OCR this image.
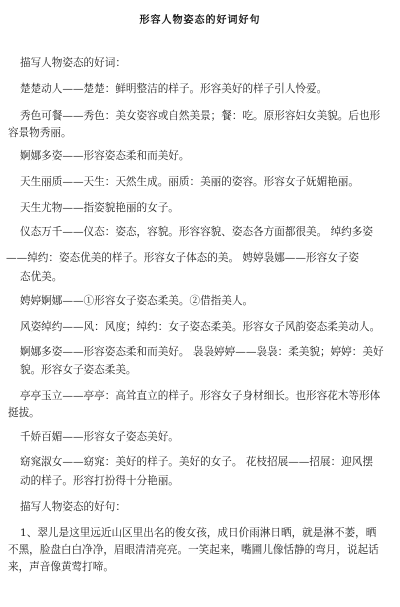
形容人物姿态的好词好句
描写人物姿态的好词：
楚楚动人——楚楚：鲜明整洁的样子。形容美好的样子引人怜爱。
秀色可餐——秀色：美女姿容或自然美景；餐：吃。原形容妇女美貌。后也形
容景物秀丽。
婀娜多姿——形容姿态柔和而美好。
天生丽质——天生：天然生成。丽质：美丽的姿容。形容女子妩媚艳丽。
天生尤物——指姿貌艳丽的女子。
仪态万千——仪态：姿态，容貌。形容容貌、姿态各方面都很美。 绰约多姿
——绰约：姿态优美的样子。形容女子体态的美。 娉婷袅娜——形容女子姿
态优美。
娉婷婀娜——①形容女子姿态柔美。②借指美人。
风姿绰约——风：风度；绰约：女子姿态柔美。形容女子风韵姿态柔美动人。
婀娜多姿——形容姿态柔和而美好。 袅袅婷婷——袅袅：柔美貌；婷婷：美好
貌。形容女子姿态柔美。
亭亭玉立——亭亭：高耸直立的样子。形容女子身材细长。也形容花木等形体
挺拔。
千娇百媚——形容女子姿态美好。
窈窕淑女——窈窕：美好的样子。美好的女子。 花枝招展——招展：迎风摆
动的样子。形容打扮得十分艳丽。
描写人物姿态的好句：
1、翠儿是这里远近山区里出名的俊女孩，成日价雨淋日晒，就是淋不萎，晒
不黑，脸盘白白净净，眉眼清清亮亮。一笑起来，嘴圃儿像恬静的弯月，说起话
来，声音像黄莺打啼。
